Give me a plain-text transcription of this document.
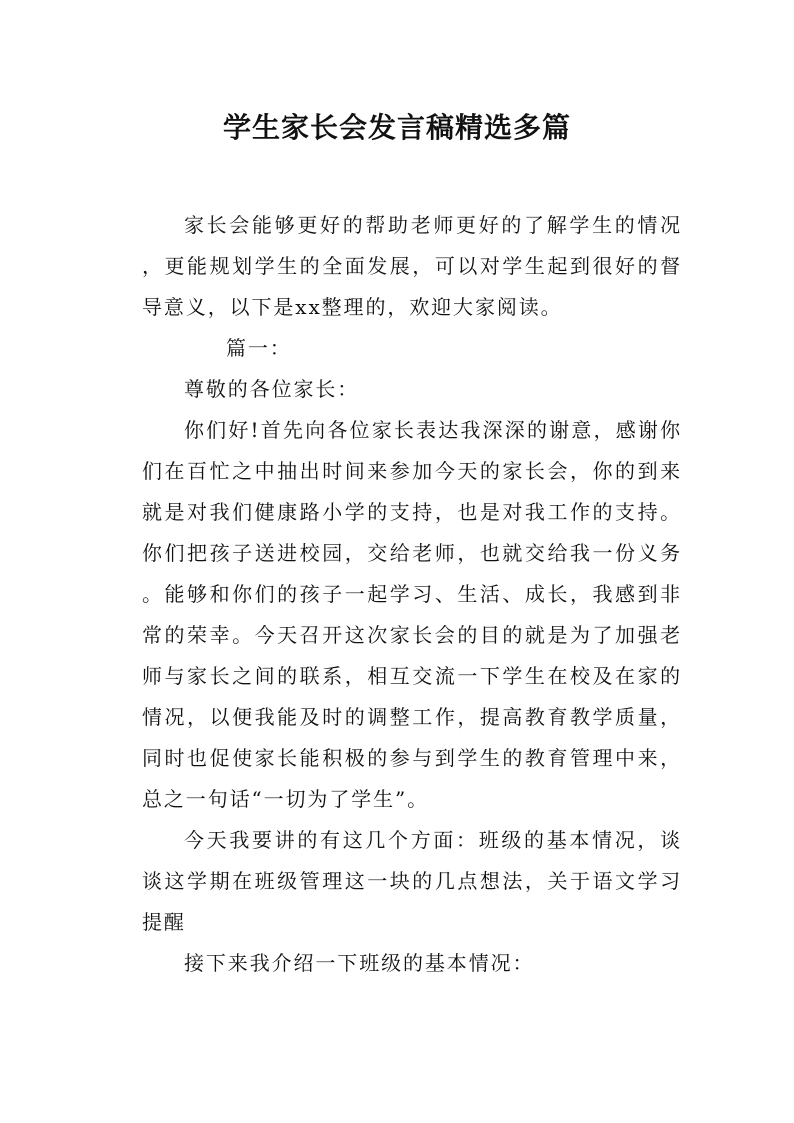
学生家长会发言稿精选多篇

家长会能够更好的帮助老师更好的了解学生的情况，更能规划学生的全面发展，可以对学生起到很好的督导意义，以下是xx整理的，欢迎大家阅读。

篇一：

尊敬的各位家长：

你们好!首先向各位家长表达我深深的谢意，感谢你们在百忙之中抽出时间来参加今天的家长会，你的到来就是对我们健康路小学的支持，也是对我工作的支持。你们把孩子送进校园，交给老师，也就交给我一份义务。能够和你们的孩子一起学习、生活、成长，我感到非常的荣幸。今天召开这次家长会的目的就是为了加强老师与家长之间的联系，相互交流一下学生在校及在家的情况，以便我能及时的调整工作，提高教育教学质量，同时也促使家长能积极的参与到学生的教育管理中来，总之一句话“一切为了学生”。

今天我要讲的有这几个方面：班级的基本情况，谈谈这学期在班级管理这一块的几点想法，关于语文学习提醒

接下来我介绍一下班级的基本情况：
